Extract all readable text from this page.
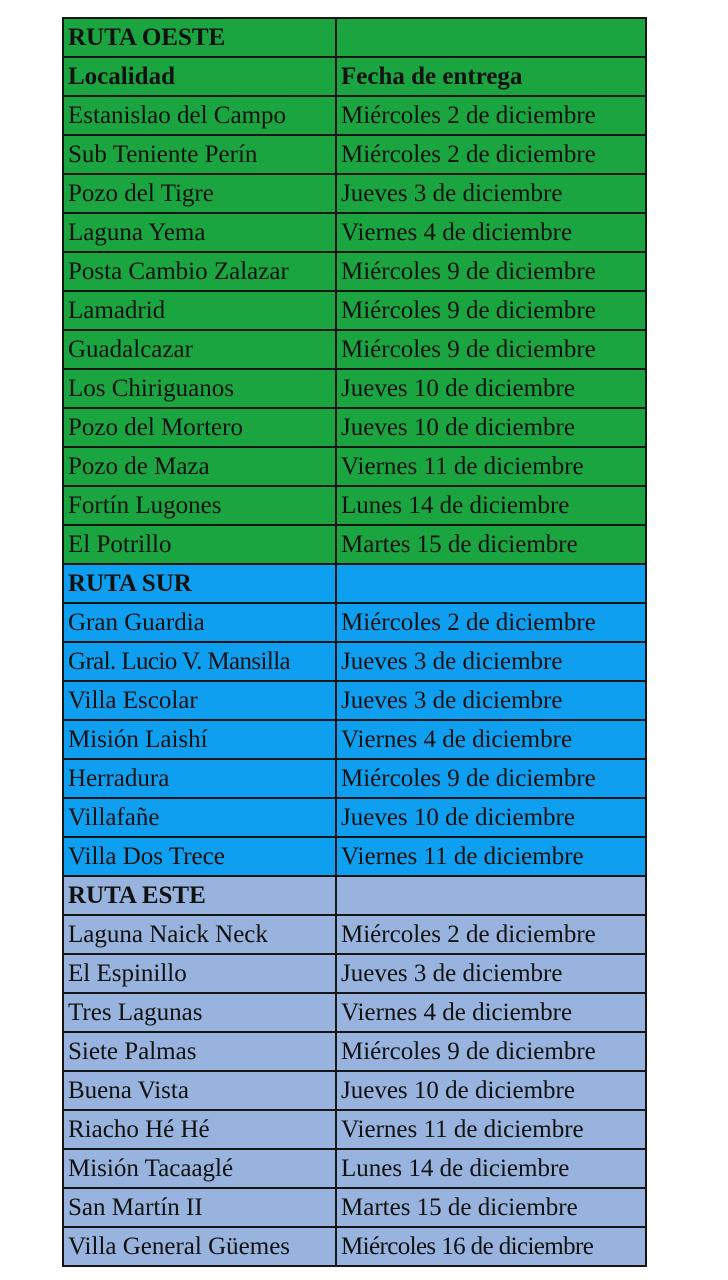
RUTA OESTE	
Localidad	Fecha de entrega
Estanislao del Campo	Miércoles 2 de diciembre
Sub Teniente Perín	Miércoles 2 de diciembre
Pozo del Tigre	Jueves 3 de diciembre
Laguna Yema	Viernes 4 de diciembre
Posta Cambio Zalazar	Miércoles 9 de diciembre
Lamadrid	Miércoles 9 de diciembre
Guadalcazar	Miércoles 9 de diciembre
Los Chiriguanos	Jueves 10 de diciembre
Pozo del Mortero	Jueves 10 de diciembre
Pozo de Maza	Viernes 11 de diciembre
Fortín Lugones	Lunes 14 de diciembre
El Potrillo	Martes 15 de diciembre
RUTA SUR	
Gran Guardia	Miércoles 2 de diciembre
Gral. Lucio V. Mansilla	Jueves 3 de diciembre
Villa Escolar	Jueves 3 de diciembre
Misión Laishí	Viernes 4 de diciembre
Herradura	Miércoles 9 de diciembre
Villafañe	Jueves 10 de diciembre
Villa Dos Trece	Viernes 11 de diciembre
RUTA ESTE	
Laguna Naick Neck	Miércoles 2 de diciembre
El Espinillo	Jueves 3 de diciembre
Tres Lagunas	Viernes 4 de diciembre
Siete Palmas	Miércoles 9 de diciembre
Buena Vista	Jueves 10 de diciembre
Riacho Hé Hé	Viernes 11 de diciembre
Misión Tacaaglé	Lunes 14 de diciembre
San Martín II	Martes 15 de diciembre
Villa General Güemes	Miércoles 16 de diciembre
